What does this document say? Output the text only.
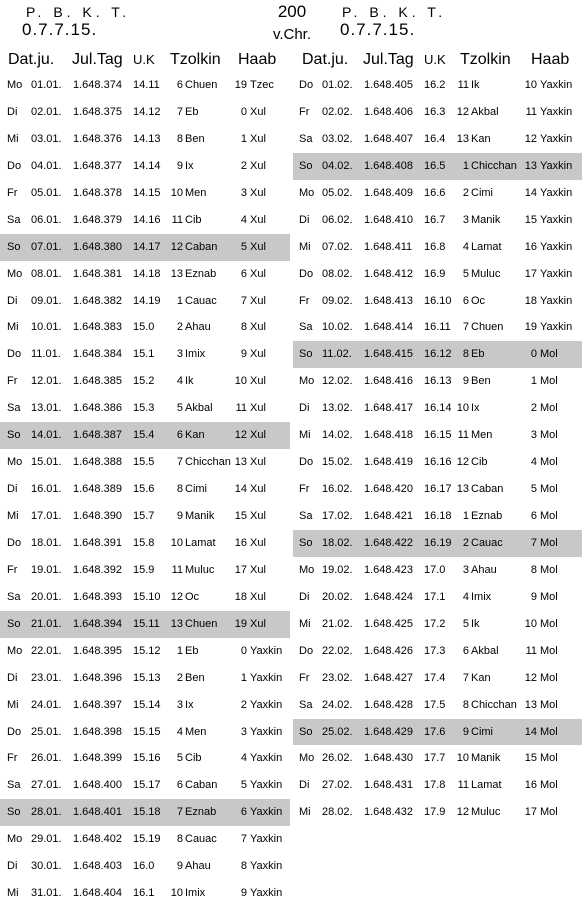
200
v.Chr.
P. B. K. T.
0.7.7.15.
P. B. K. T.
0.7.7.15.
Dat.ju. Jul.Tag U.K Tzolkin Haab
Mo 01.01. 1.648.374 14.11	6 Chuen 19 Tzec
Di 02.01. 1.648.375 14.12	7 Eb	0 Xul
Mi 03.01. 1.648.376 14.13	8 Ben	1 Xul
Do 04.01. 1.648.377 14.14	9 Ix	2 Xul
Fr 05.01. 1.648.378 14.15 10 Men	3 Xul
Sa 06.01. 1.648.379 14.16	11 Cib	4 Xul
So 07.01. 1.648.380 14.17 12 Caban	5 Xul
Mo 08.01. 1.648.381 14.18 13 Eznab	6 Xul
Di 09.01. 1.648.382 14.19	1 Cauac	7 Xul
Mi 10.01. 1.648.383 15.0	2 Ahau	8 Xul
Do 11.01. 1.648.384 15.1	3 Imix	9 Xul
Fr 12.01. 1.648.385 15.2	4 Ik	10 Xul
Sa 13.01. 1.648.386 15.3	5 Akbal	11 Xul
So 14.01. 1.648.387 15.4	6 Kan	12 Xul
Mo 15.01. 1.648.388 15.5	7 Chicchan 13 Xul
Di 16.01. 1.648.389 15.6	8 Cimi	14 Xul
Mi 17.01. 1.648.390 15.7	9 Manik 15 Xul
Do 18.01. 1.648.391 15.8	10 Lamat 16 Xul
Fr 19.01. 1.648.392 15.9	11 Muluc 17 Xul
Sa 20.01. 1.648.393 15.10 12 Oc	18 Xul
So 21.01. 1.648.394 15.11	13 Chuen 19 Xul
Mo 22.01. 1.648.395 15.12	1 Eb	0 Yaxkin
Di 23.01. 1.648.396 15.13	2 Ben	1 Yaxkin
Mi 24.01. 1.648.397 15.14	3 Ix	2 Yaxkin
Do 25.01. 1.648.398 15.15	4 Men	3 Yaxkin
Fr 26.01. 1.648.399 15.16	5 Cib	4 Yaxkin
Sa 27.01. 1.648.400 15.17	6 Caban	5 Yaxkin
So 28.01. 1.648.401 15.18	7 Eznab	6 Yaxkin
Mo 29.01. 1.648.402 15.19	8 Cauac	7 Yaxkin
Di 30.01. 1.648.403 16.0	9 Ahau	8 Yaxkin
Mi 31.01. 1.648.404 16.1	10 Imix	9 Yaxkin
Dat.ju. Jul.Tag U.K Tzolkin Haab
Do 01.02. 1.648.405 16.2	11 Ik	10 Yaxkin
Fr 02.02. 1.648.406 16.3	12 Akbal	11 Yaxkin
Sa 03.02. 1.648.407 16.4	13 Kan	12 Yaxkin
So 04.02. 1.648.408 16.5	1 Chicchan 13 Yaxkin
Mo 05.02. 1.648.409 16.6	2 Cimi	14 Yaxkin
Di 06.02. 1.648.410 16.7	3 Manik	15 Yaxkin
Mi 07.02. 1.648.411 16.8	4 Lamat	16 Yaxkin
Do 08.02. 1.648.412 16.9	5 Muluc	17 Yaxkin
Fr 09.02. 1.648.413 16.10	6 Oc	18 Yaxkin
Sa 10.02. 1.648.414 16.11	7 Chuen	19 Yaxkin
So 11.02. 1.648.415 16.12	8 Eb	0 Mol
Mo 12.02. 1.648.416 16.13	9 Ben	1 Mol
Di 13.02. 1.648.417 16.14 10 Ix	2 Mol
Mi 14.02. 1.648.418 16.15 11 Men	3 Mol
Do 15.02. 1.648.419 16.16 12 Cib	4 Mol
Fr 16.02. 1.648.420 16.17 13 Caban	5 Mol
Sa 17.02. 1.648.421 16.18	1 Eznab	6 Mol
So 18.02. 1.648.422 16.19	2 Cauac	7 Mol
Mo 19.02. 1.648.423 17.0	3 Ahau	8 Mol
Di 20.02. 1.648.424 17.1	4 Imix	9 Mol
Mi 21.02. 1.648.425 17.2	5 Ik	10 Mol
Do 22.02. 1.648.426 17.3	6 Akbal	11 Mol
Fr 23.02. 1.648.427 17.4	7 Kan	12 Mol
Sa 24.02. 1.648.428 17.5	8 Chicchan 13 Mol
So 25.02. 1.648.429 17.6	9 Cimi	14 Mol
Mo 26.02. 1.648.430 17.7	10 Manik	15 Mol
Di 27.02. 1.648.431 17.8	11 Lamat	16 Mol
Mi 28.02. 1.648.432 17.9	12 Muluc	17 Mol
